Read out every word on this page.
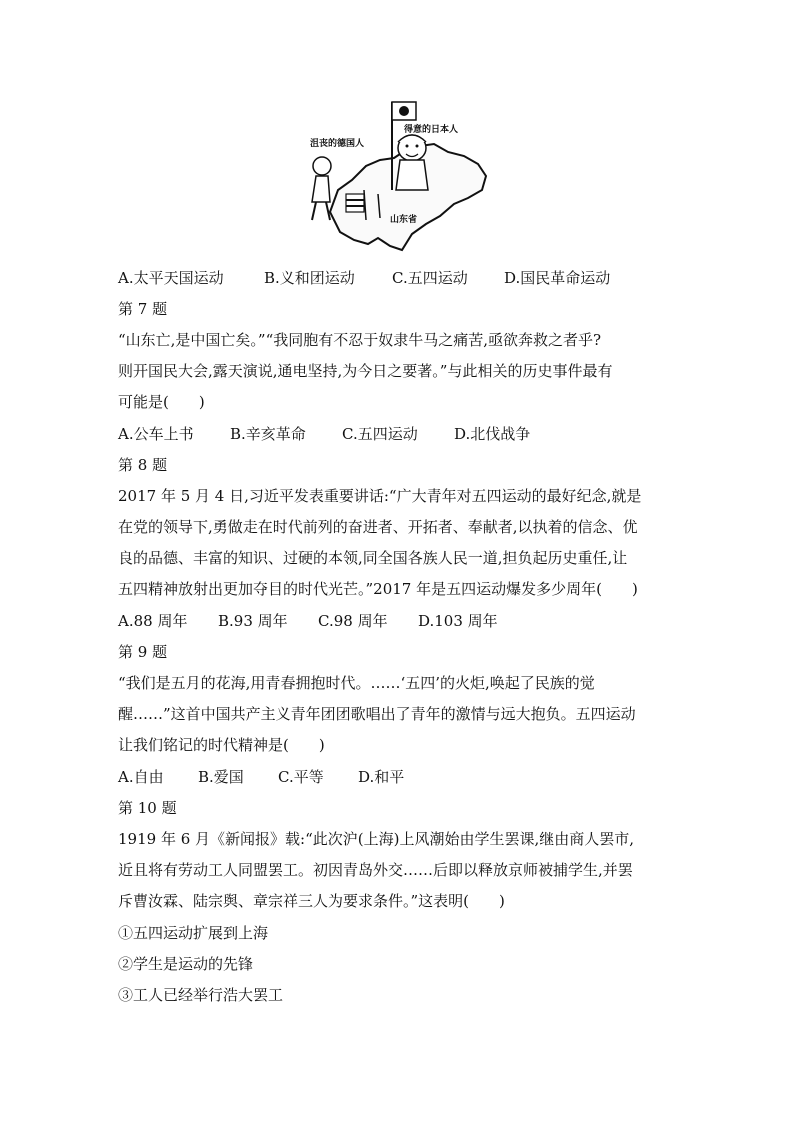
沮丧的德国人
得意的日本人
山东省
A.太平天国运动	B.义和团运动 C.五四运动 D.国民革命运动
第 7 题
“山东亡,是中国亡矣。”“我同胞有不忍于奴隶牛马之痛苦,亟欲奔救之者乎?
则开国民大会,露天演说,通电坚持,为今日之要著。”与此相关的历史事件最有
可能是(　　)
A.公车上书 B.辛亥革命 C.五四运动 D.北伐战争
第 8 题
2017 年 5 月 4 日,习近平发表重要讲话:“广大青年对五四运动的最好纪念,就是
在党的领导下,勇做走在时代前列的奋进者、开拓者、奉献者,以执着的信念、优
良的品德、丰富的知识、过硬的本领,同全国各族人民一道,担负起历史重任,让
五四精神放射出更加夺目的时代光芒。”2017 年是五四运动爆发多少周年(　　)
A.88 周年 B.93 周年 C.98 周年 D.103 周年
第 9 题
“我们是五月的花海,用青春拥抱时代。……‘五四’的火炬,唤起了民族的觉
醒……”这首中国共产主义青年团团歌唱出了青年的激情与远大抱负。五四运动
让我们铭记的时代精神是(　　)
A.自由 B.爱国 C.平等 D.和平
第 10 题
1919 年 6 月《新闻报》载:“此次沪(上海)上风潮始由学生罢课,继由商人罢市,
近且将有劳动工人同盟罢工。初因青岛外交……后即以释放京师被捕学生,并罢
斥曹汝霖、陆宗舆、章宗祥三人为要求条件。”这表明(　　)
①五四运动扩展到上海
②学生是运动的先锋
③工人已经举行浩大罢工
